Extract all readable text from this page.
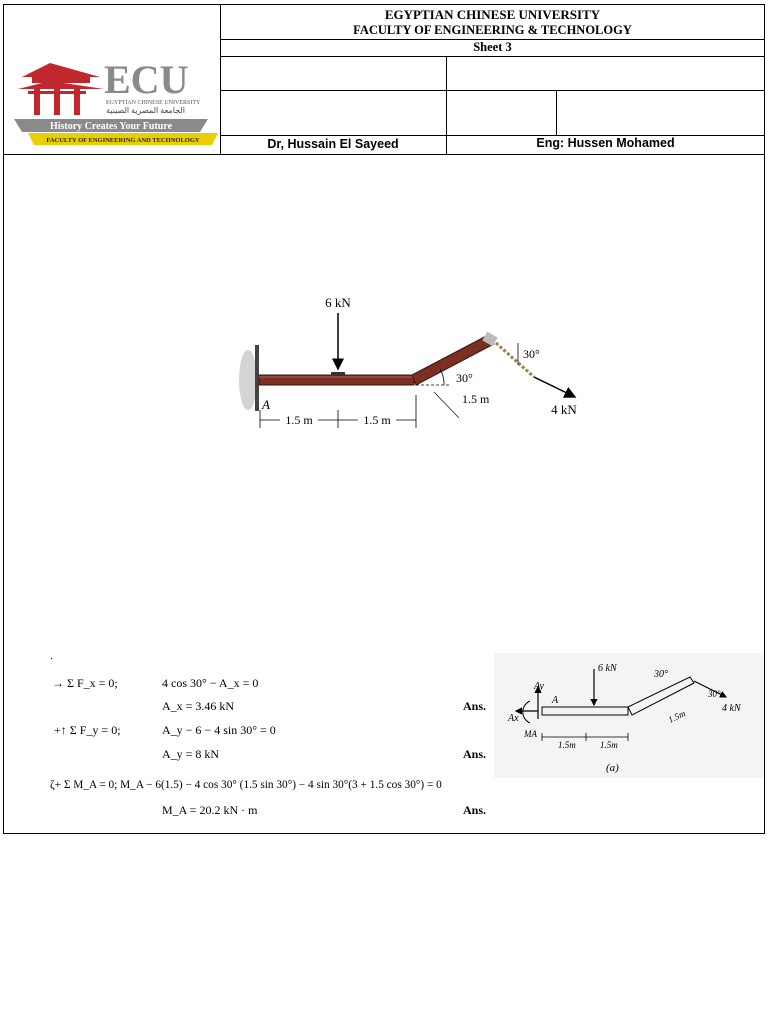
ECU
EGYPTIAN CHINESE UNIVERSITY
الجامعة المصرية الصينية
History Creates Your Future
FACULTY OF ENGINEERING AND TECHNOLOGY
EGYPTIAN CHINESE UNIVERSITY
FACULTY OF ENGINEERING & TECHNOLOGY
Sheet 3
Dr, Hussain El Sayeed	Eng: Hussen Mohamed
6 kN
4 kN
30°
30°
1.5 m
A
1.5 m	1.5 m
.
→ Σ F_x = 0;	4 cos 30° − A_x = 0
A_x = 3.46 kN	Ans.
+↑ Σ F_y = 0;	A_y − 6 − 4 sin 30° = 0
A_y = 8 kN	Ans.
ζ+ Σ M_A = 0; M_A − 6(1.5) − 4 cos 30° (1.5 sin 30°) − 4 sin 30°(3 + 1.5 cos 30°) = 0
M_A = 20.2 kN · m	Ans.
6 kN
Ay
A
Ax
MA
4 kN
30°
30°
1.5m
1.5m	1.5m
(a)
